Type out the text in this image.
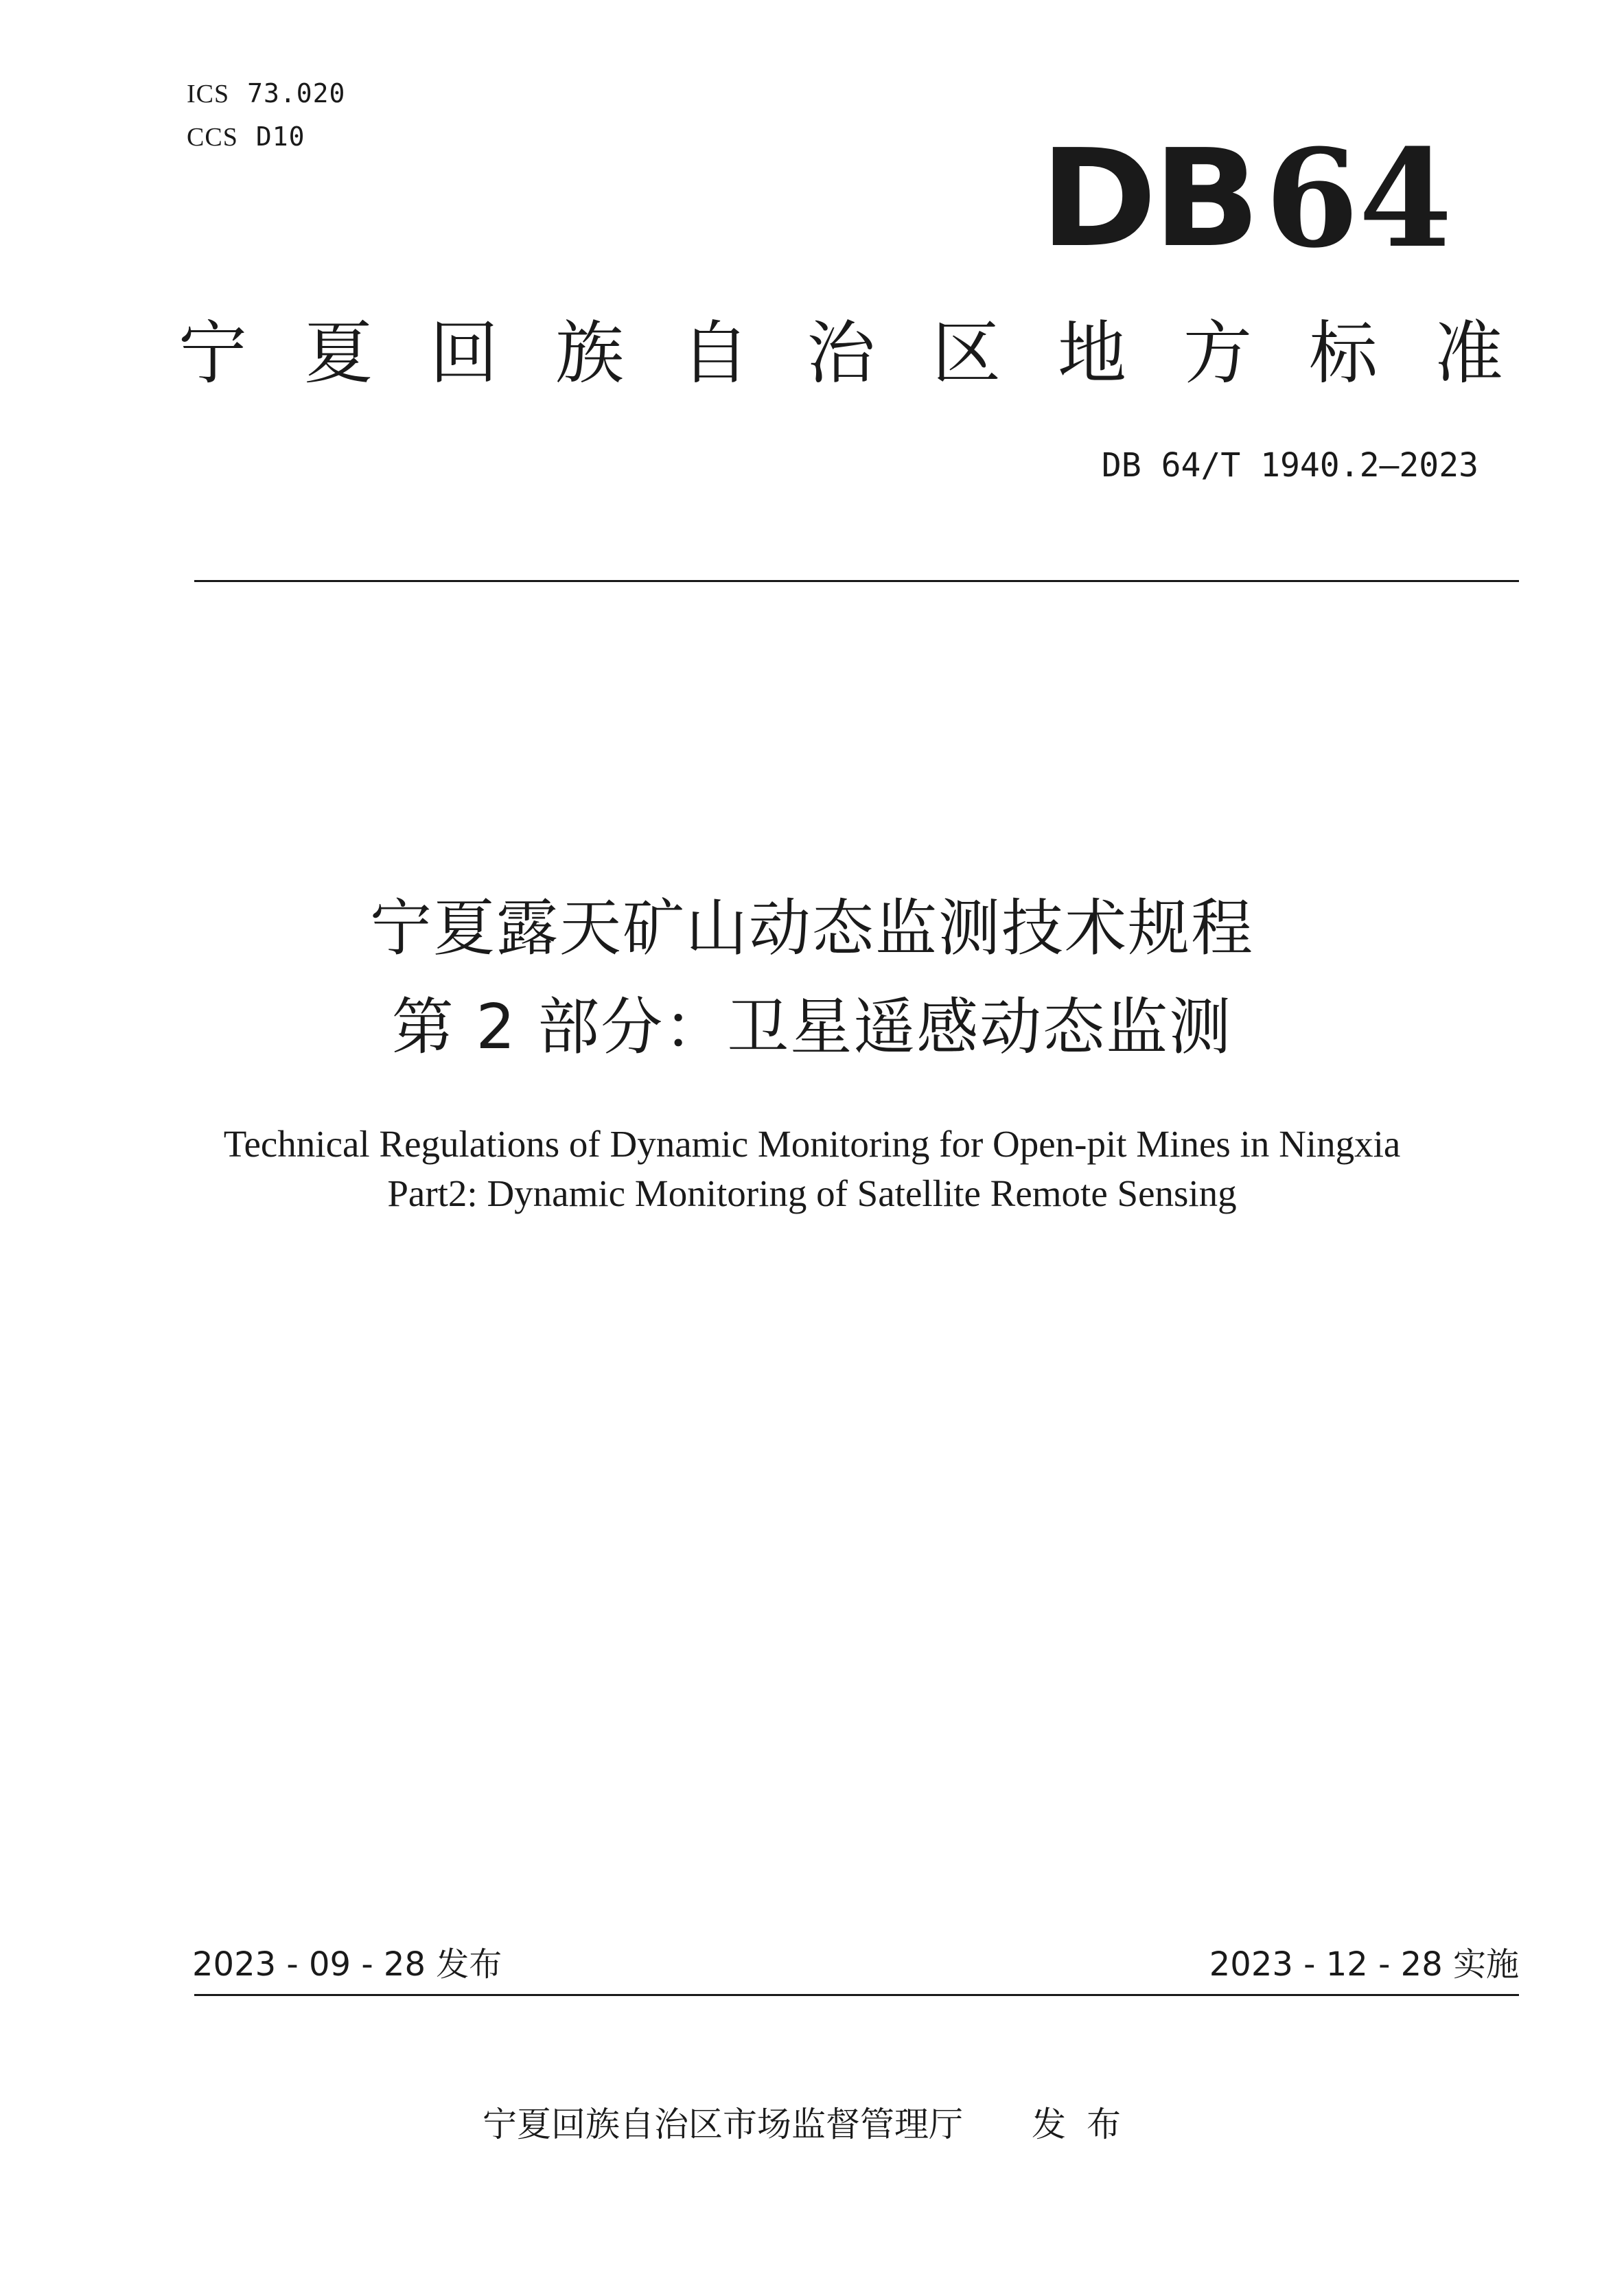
ICS 73.020
CCS D10	DB 64
宁 夏 回 族 自 治 区 地 方 标 准
DB 64/T 1940.2—2023
宁夏露天矿山动态监测技术规程
第 2 部分：卫星遥感动态监测
Technical Regulations of Dynamic Monitoring for Open-pit Mines in Ningxia
Part2: Dynamic Monitoring of Satellite Remote Sensing
2023 - 09 - 28 发布	2023 - 12 - 28 实施
宁夏回族自治区市场监督管理厅 发布
